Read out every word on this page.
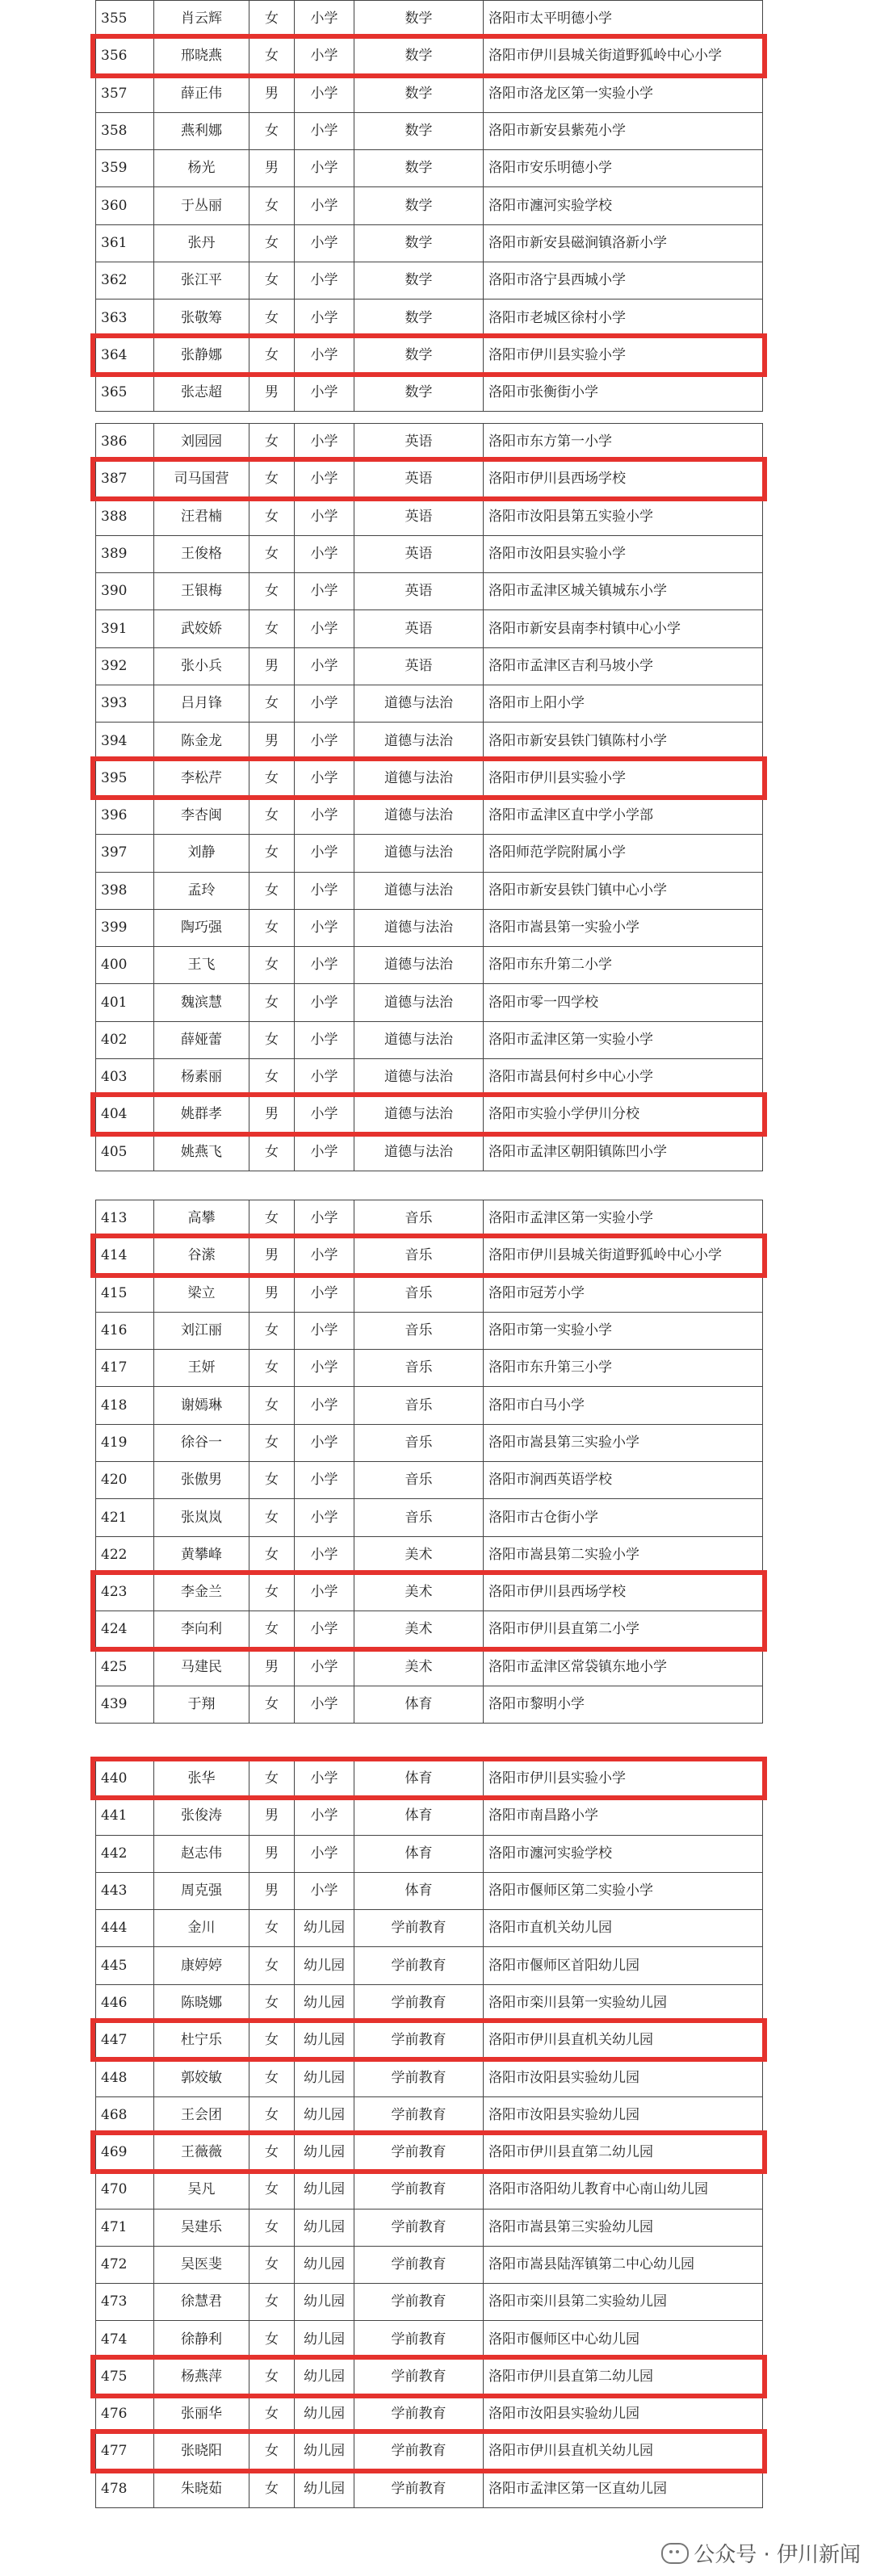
355	肖云辉	女	小学	数学	洛阳市太平明德小学
356	邢晓燕	女	小学	数学	洛阳市伊川县城关街道野狐岭中心小学
357	薛正伟	男	小学	数学	洛阳市洛龙区第一实验小学
358	燕利娜	女	小学	数学	洛阳市新安县紫苑小学
359	杨光	男	小学	数学	洛阳市安乐明德小学
360	于丛丽	女	小学	数学	洛阳市瀍河实验学校
361	张丹	女	小学	数学	洛阳市新安县磁涧镇洛新小学
362	张江平	女	小学	数学	洛阳市洛宁县西城小学
363	张敬筹	女	小学	数学	洛阳市老城区徐村小学
364	张静娜	女	小学	数学	洛阳市伊川县实验小学
365	张志超	男	小学	数学	洛阳市张衡街小学
386	刘园园	女	小学	英语	洛阳市东方第一小学
387	司马国营	女	小学	英语	洛阳市伊川县西场学校
388	汪君楠	女	小学	英语	洛阳市汝阳县第五实验小学
389	王俊格	女	小学	英语	洛阳市汝阳县实验小学
390	王银梅	女	小学	英语	洛阳市孟津区城关镇城东小学
391	武姣娇	女	小学	英语	洛阳市新安县南李村镇中心小学
392	张小兵	男	小学	英语	洛阳市孟津区吉利马坡小学
393	吕月锋	女	小学	道德与法治	洛阳市上阳小学
394	陈金龙	男	小学	道德与法治	洛阳市新安县铁门镇陈村小学
395	李松芹	女	小学	道德与法治	洛阳市伊川县实验小学
396	李杏闽	女	小学	道德与法治	洛阳市孟津区直中学小学部
397	刘静	女	小学	道德与法治	洛阳师范学院附属小学
398	孟玲	女	小学	道德与法治	洛阳市新安县铁门镇中心小学
399	陶巧强	女	小学	道德与法治	洛阳市嵩县第一实验小学
400	王飞	女	小学	道德与法治	洛阳市东升第二小学
401	魏滨慧	女	小学	道德与法治	洛阳市零一四学校
402	薛娅蕾	女	小学	道德与法治	洛阳市孟津区第一实验小学
403	杨素丽	女	小学	道德与法治	洛阳市嵩县何村乡中心小学
404	姚群孝	男	小学	道德与法治	洛阳市实验小学伊川分校
405	姚燕飞	女	小学	道德与法治	洛阳市孟津区朝阳镇陈凹小学
413	高攀	女	小学	音乐	洛阳市孟津区第一实验小学
414	谷潆	男	小学	音乐	洛阳市伊川县城关街道野狐岭中心小学
415	梁立	男	小学	音乐	洛阳市冠芳小学
416	刘江丽	女	小学	音乐	洛阳市第一实验小学
417	王妍	女	小学	音乐	洛阳市东升第三小学
418	谢嫣琳	女	小学	音乐	洛阳市白马小学
419	徐谷一	女	小学	音乐	洛阳市嵩县第三实验小学
420	张傲男	女	小学	音乐	洛阳市涧西英语学校
421	张岚岚	女	小学	音乐	洛阳市古仓街小学
422	黄攀峰	女	小学	美术	洛阳市嵩县第二实验小学
423	李金兰	女	小学	美术	洛阳市伊川县西场学校
424	李向利	女	小学	美术	洛阳市伊川县直第二小学
425	马建民	男	小学	美术	洛阳市孟津区常袋镇东地小学
439	于翔	女	小学	体育	洛阳市黎明小学
440	张华	女	小学	体育	洛阳市伊川县实验小学
441	张俊涛	男	小学	体育	洛阳市南昌路小学
442	赵志伟	男	小学	体育	洛阳市瀍河实验学校
443	周克强	男	小学	体育	洛阳市偃师区第二实验小学
444	金川	女	幼儿园	学前教育	洛阳市直机关幼儿园
445	康婷婷	女	幼儿园	学前教育	洛阳市偃师区首阳幼儿园
446	陈晓娜	女	幼儿园	学前教育	洛阳市栾川县第一实验幼儿园
447	杜宁乐	女	幼儿园	学前教育	洛阳市伊川县直机关幼儿园
448	郭姣敏	女	幼儿园	学前教育	洛阳市汝阳县实验幼儿园
468	王会团	女	幼儿园	学前教育	洛阳市汝阳县实验幼儿园
469	王薇薇	女	幼儿园	学前教育	洛阳市伊川县直第二幼儿园
470	吴凡	女	幼儿园	学前教育	洛阳市洛阳幼儿教育中心南山幼儿园
471	吴建乐	女	幼儿园	学前教育	洛阳市嵩县第三实验幼儿园
472	吴医斐	女	幼儿园	学前教育	洛阳市嵩县陆浑镇第二中心幼儿园
473	徐慧君	女	幼儿园	学前教育	洛阳市栾川县第二实验幼儿园
474	徐静利	女	幼儿园	学前教育	洛阳市偃师区中心幼儿园
475	杨燕萍	女	幼儿园	学前教育	洛阳市伊川县直第二幼儿园
476	张丽华	女	幼儿园	学前教育	洛阳市汝阳县实验幼儿园
477	张晓阳	女	幼儿园	学前教育	洛阳市伊川县直机关幼儿园
478	朱晓茹	女	幼儿园	学前教育	洛阳市孟津区第一区直幼儿园
公众号 · 伊川新闻
